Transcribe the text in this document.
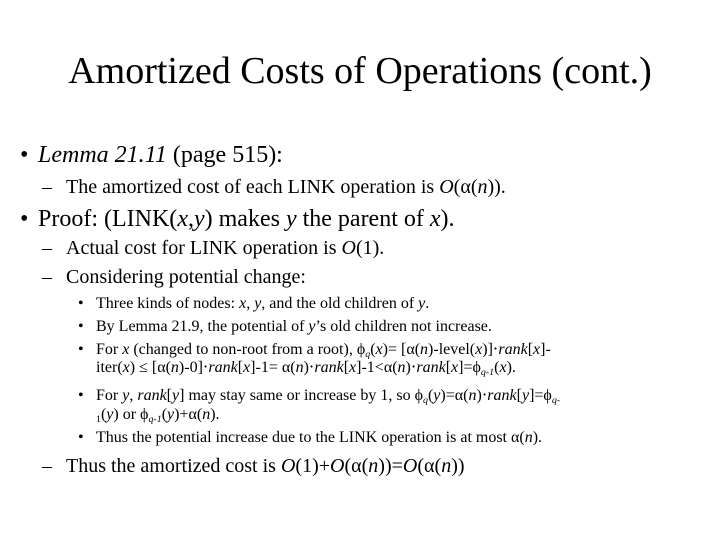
Amortized Costs of Operations (cont.)
• Lemma 21.11 (page 515):
– The amortized cost of each LINK operation is O(α(n)).
• Proof: (LINK(x,y) makes y the parent of x).
– Actual cost for LINK operation is O(1).
– Considering potential change:
• Three kinds of nodes: x, y, and the old children of y.
• By Lemma 21.9, the potential of y’s old children not increase.
• For x (changed to non-root from a root), $\phi_q(x)=$ [α(n)-level(x)]⋅rank[x]-
iter(x) ≤ [α(n)-0]⋅rank[x]-1= $\alpha(n)\cdot rank[x]-1<\alpha(n)\cdot rank[x]=\phi_{q-1}(x)$.
• For y, rank[y] may stay same or increase by 1, so $\phi_q(y)=\alpha(n)\cdot rank[y]=\phi_{q-}$
$_1$(y) or $\phi_{q-1}(y)+\alpha(n)$.
• Thus the potential increase due to the LINK operation is at most α(n).
– Thus the amortized cost is O(1)+O(α(n))=O(α(n))
